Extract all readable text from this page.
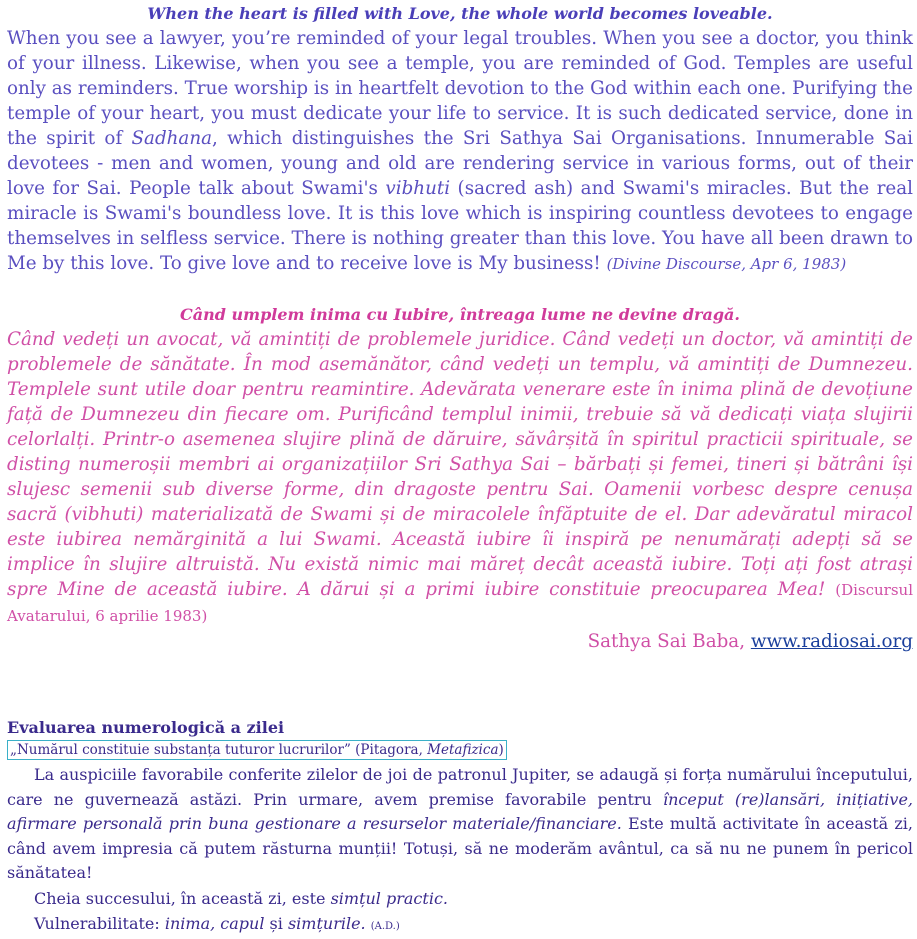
When the heart is filled with Love, the whole world becomes loveable.

When you see a lawyer, you’re reminded of your legal troubles. When you see a doctor, you think of your illness. Likewise, when you see a temple, you are reminded of God. Temples are useful only as reminders. True worship is in heartfelt devotion to the God within each one. Purifying the temple of your heart, you must dedicate your life to service. It is such dedicated service, done in the spirit of Sadhana, which distinguishes the Sri Sathya Sai Organisations. Innumerable Sai devotees - men and women, young and old are rendering service in various forms, out of their love for Sai. People talk about Swami's vibhuti (sacred ash) and Swami's miracles. But the real miracle is Swami's boundless love. It is this love which is inspiring countless devotees to engage themselves in selfless service. There is nothing greater than this love. You have all been drawn to Me by this love. To give love and to receive love is My business! (Divine Discourse, Apr 6, 1983)

Când umplem inima cu Iubire, întreaga lume ne devine dragă.

Când vedeți un avocat, vă amintiți de problemele juridice. Când vedeți un doctor, vă amintiți de problemele de sănătate. În mod asemănător, când vedeți un templu, vă amintiți de Dumnezeu. Templele sunt utile doar pentru reamintire. Adevărata venerare este în inima plină de devoțiune față de Dumnezeu din fiecare om. Purificând templul inimii, trebuie să vă dedicați viața slujirii celorlalți. Printr-o asemenea slujire plină de dăruire, săvârșită în spiritul practicii spirituale, se disting numeroșii membri ai organizațiilor Sri Sathya Sai – bărbați și femei, tineri și bătrâni își slujesc semenii sub diverse forme, din dragoste pentru Sai. Oamenii vorbesc despre cenușa sacră (vibhuti) materializată de Swami și de miracolele înfăptuite de el. Dar adevăratul miracol este iubirea nemărginită a lui Swami. Această iubire îi inspiră pe nenumărați adepți să se implice în slujire altruistă. Nu există nimic mai măreț decât această iubire. Toți ați fost atrași spre Mine de această iubire. A dărui și a primi iubire constituie preocuparea Mea! (Discursul Avatarului, 6 aprilie 1983)

Sathya Sai Baba, www.radiosai.org

Evaluarea numerologică a zilei
„Numărul constituie substanța tuturor lucrurilor” (Pitagora, Metafizica)

La auspiciile favorabile conferite zilelor de joi de patronul Jupiter, se adaugă și forța numărului începutului, care ne guvernează astăzi. Prin urmare, avem premise favorabile pentru început (re)lansări, inițiative, afirmare personală prin buna gestionare a resurselor materiale/financiare. Este multă activitate în această zi, când avem impresia că putem răsturna munții! Totuși, să ne moderăm avântul, ca să nu ne punem în pericol sănătatea!

Cheia succesului, în această zi, este simțul practic.

Vulnerabilitate: inima, capul și simțurile. (A.D.)
